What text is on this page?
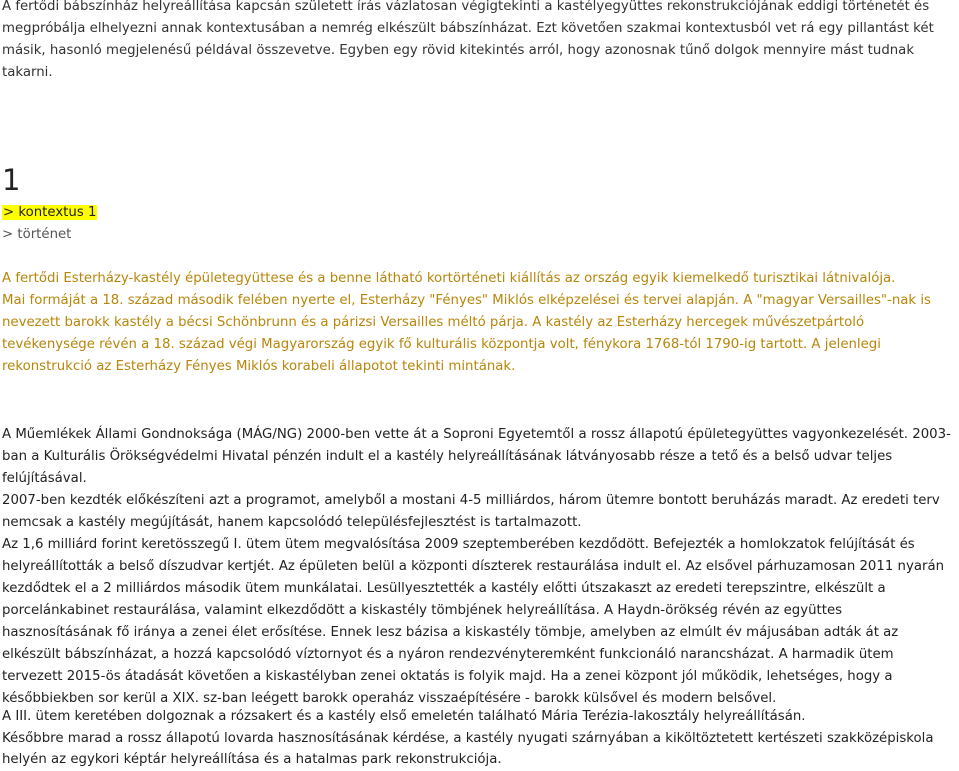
A fertődi bábszínház helyreállítása kapcsán született írás vázlatosan végigtekinti a kastélyegyüttes rekonstrukciójának eddigi történetét és
megpróbálja elhelyezni annak kontextusában a nemrég elkészült bábszínházat. Ezt követően szakmai kontextusból vet rá egy pillantást két
másik, hasonló megjelenésű példával összevetve. Egyben egy rövid kitekintés arról, hogy azonosnak tűnő dolgok mennyire mást tudnak
takarni.
1
> kontextus 1
> történet
A fertődi Esterházy-kastély épületegyüttese és a benne látható kortörténeti kiállítás az ország egyik kiemelkedő turisztikai látnivalója.
Mai formáját a 18. század második felében nyerte el, Esterházy "Fényes" Miklós elképzelései és tervei alapján. A "magyar Versailles"-nak is
nevezett barokk kastély a bécsi Schönbrunn és a párizsi Versailles méltó párja. A kastély az Esterházy hercegek művészetpártoló
tevékenysége révén a 18. század végi Magyarország egyik fő kulturális központja volt, fénykora 1768-tól 1790-ig tartott. A jelenlegi
rekonstrukció az Esterházy Fényes Miklós korabeli állapotot tekinti mintának.
A Műemlékek Állami Gondnoksága (MÁG/NG) 2000-ben vette át a Soproni Egyetemtől a rossz állapotú épületegyüttes vagyonkezelését. 2003-
ban a Kulturális Örökségvédelmi Hivatal pénzén indult el a kastély helyreállításának látványosabb része a tető és a belső udvar teljes
felújításával.
2007-ben kezdték előkészíteni azt a programot, amelyből a mostani 4-5 milliárdos, három ütemre bontott beruházás maradt. Az eredeti terv
nemcsak a kastély megújítását, hanem kapcsolódó településfejlesztést is tartalmazott.
Az 1,6 milliárd forint keretösszegű I. ütem ütem megvalósítása 2009 szeptemberében kezdődött. Befejezték a homlokzatok felújítását és
helyreállították a belső díszudvar kertjét. Az épületen belül a központi díszterek restaurálása indult el. Az elsővel párhuzamosan 2011 nyarán
kezdődtek el a 2 milliárdos második ütem munkálatai. Lesüllyesztették a kastély előtti útszakaszt az eredeti terepszintre, elkészült a
porcelánkabinet restaurálása, valamint elkezdődött a kiskastély tömbjének helyreállítása. A Haydn-örökség révén az együttes
hasznosításának fő iránya a zenei élet erősítése. Ennek lesz bázisa a kiskastély tömbje, amelyben az elmúlt év májusában adták át az
elkészült bábszínházat, a hozzá kapcsolódó víztornyot és a nyáron rendezvényteremként funkcionáló narancsházat. A harmadik ütem
tervezett 2015-ös átadását követően a kiskastélyban zenei oktatás is folyik majd. Ha a zenei központ jól működik, lehetséges, hogy a
későbbiekben sor kerül a XIX. sz-ban leégett barokk operaház visszaépítésére - barokk külsővel és modern belsővel.
A III. ütem keretében dolgoznak a rózsakert és a kastély első emeletén található Mária Terézia-lakosztály helyreállításán.
Későbbre marad a rossz állapotú lovarda hasznosításának kérdése, a kastély nyugati szárnyában a kiköltöztetett kertészeti szakközépiskola
helyén az egykori képtár helyreállítása és a hatalmas park rekonstrukciója.
